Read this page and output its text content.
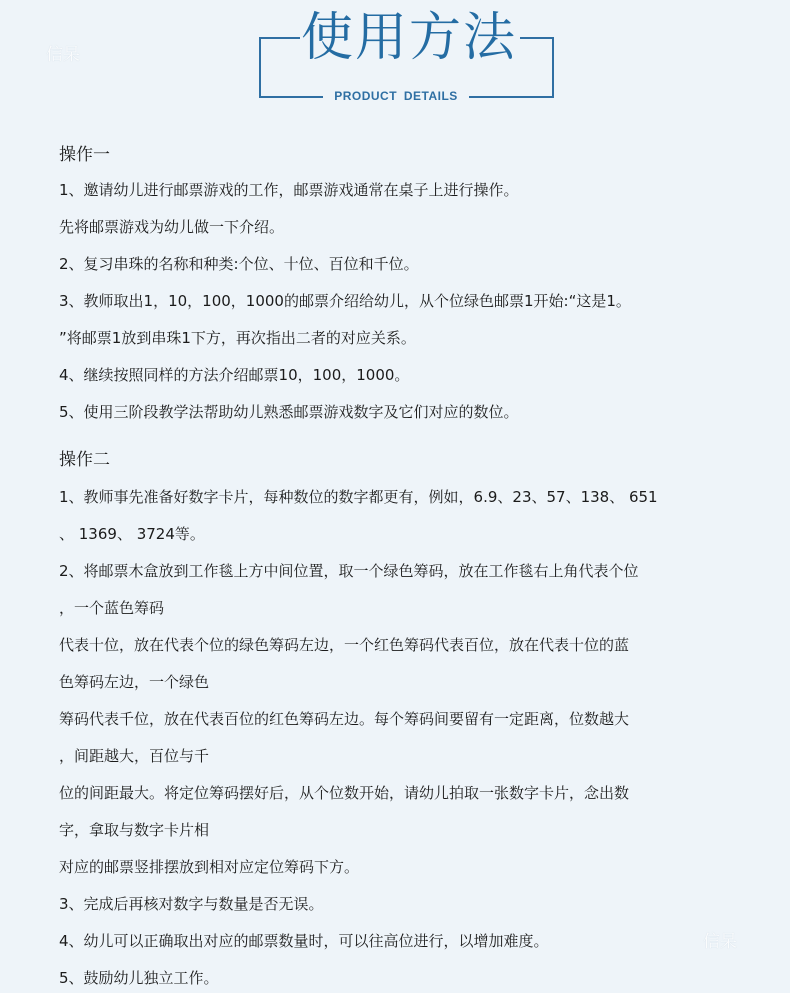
使用方法
PRODUCT DETAILS
信呆
信呆
操作一
1、邀请幼儿进行邮票游戏的工作，邮票游戏通常在桌子上进行操作。
先将邮票游戏为幼儿做一下介绍。
2、复习串珠的名称和种类:个位、十位、百位和千位。
3、教师取出1，10，100，1000的邮票介绍给幼儿，从个位绿色邮票1开始:“这是1。
”将邮票1放到串珠1下方，再次指出二者的对应关系。
4、继续按照同样的方法介绍邮票10，100，1000。
5、使用三阶段教学法帮助幼儿熟悉邮票游戏数字及它们对应的数位。
操作二
1、教师事先准备好数字卡片，每种数位的数字都更有，例如，6.9、23、57、138、 651
、 1369、 3724等。
2、将邮票木盒放到工作毯上方中间位置，取一个绿色筹码，放在工作毯右上角代表个位
，一个蓝色筹码
代表十位，放在代表个位的绿色筹码左边，一个红色筹码代表百位，放在代表十位的蓝
色筹码左边，一个绿色
筹码代表千位，放在代表百位的红色筹码左边。每个筹码间要留有一定距离，位数越大
，间距越大，百位与千
位的间距最大。将定位筹码摆好后，从个位数开始，请幼儿拍取一张数字卡片，念出数
字，拿取与数字卡片相
对应的邮票竖排摆放到相对应定位筹码下方。
3、完成后再核对数字与数量是否无误。
4、幼儿可以正确取出对应的邮票数量时，可以往高位进行，以增加难度。
5、鼓励幼儿独立工作。
